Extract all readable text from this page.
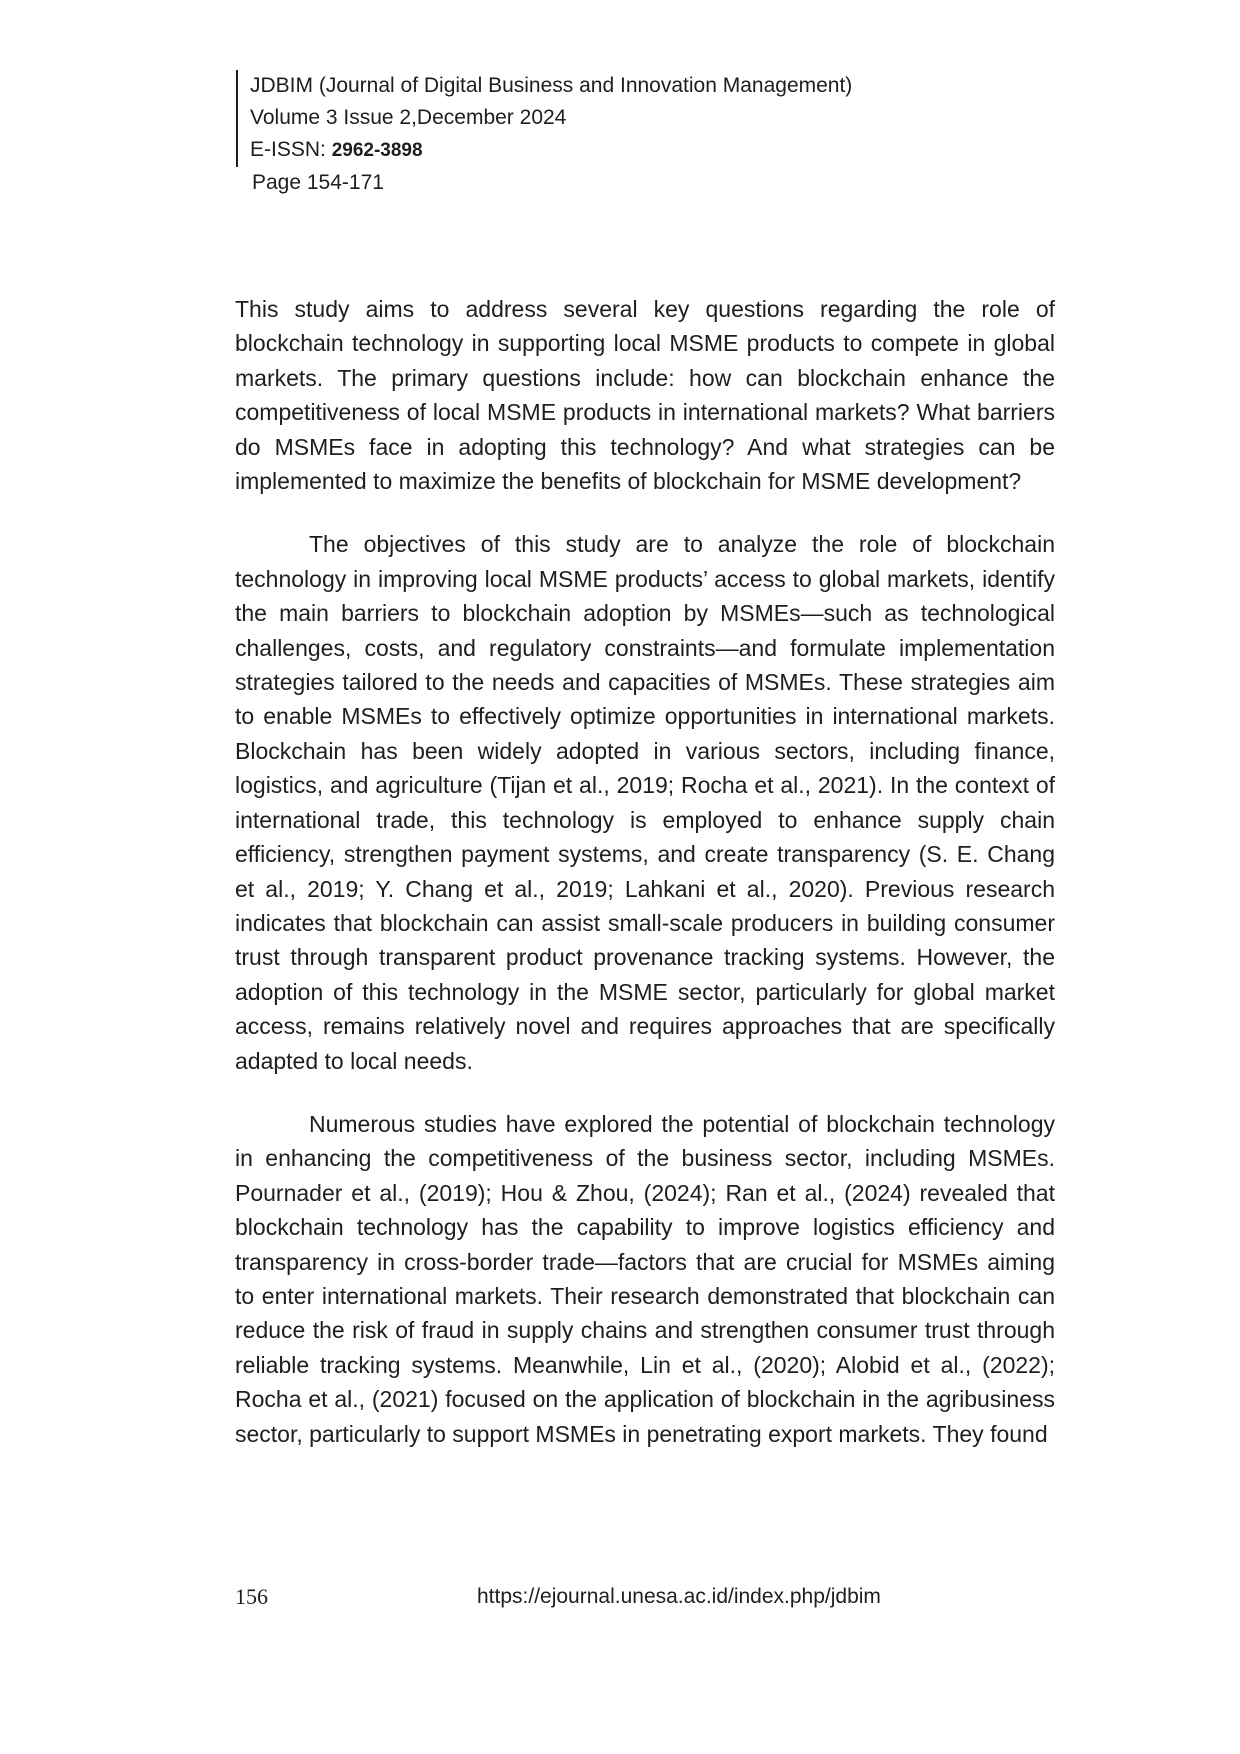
JDBIM (Journal of Digital Business and Innovation Management)
Volume 3 Issue 2,December 2024
E-ISSN: 2962-3898
Page 154-171

This study aims to address several key questions regarding the role of blockchain technology in supporting local MSME products to compete in global markets. The primary questions include: how can blockchain enhance the competitiveness of local MSME products in international markets? What barriers do MSMEs face in adopting this technology? And what strategies can be implemented to maximize the benefits of blockchain for MSME development?

The objectives of this study are to analyze the role of blockchain technology in improving local MSME products’ access to global markets, identify the main barriers to blockchain adoption by MSMEs—such as technological challenges, costs, and regulatory constraints—and formulate implementation strategies tailored to the needs and capacities of MSMEs. These strategies aim to enable MSMEs to effectively optimize opportunities in international markets. Blockchain has been widely adopted in various sectors, including finance, logistics, and agriculture (Tijan et al., 2019; Rocha et al., 2021). In the context of international trade, this technology is employed to enhance supply chain efficiency, strengthen payment systems, and create transparency (S. E. Chang et al., 2019; Y. Chang et al., 2019; Lahkani et al., 2020). Previous research indicates that blockchain can assist small-scale producers in building consumer trust through transparent product provenance tracking systems. However, the adoption of this technology in the MSME sector, particularly for global market access, remains relatively novel and requires approaches that are specifically adapted to local needs.

Numerous studies have explored the potential of blockchain technology in enhancing the competitiveness of the business sector, including MSMEs. Pournader et al., (2019); Hou & Zhou, (2024); Ran et al., (2024) revealed that blockchain technology has the capability to improve logistics efficiency and transparency in cross-border trade—factors that are crucial for MSMEs aiming to enter international markets. Their research demonstrated that blockchain can reduce the risk of fraud in supply chains and strengthen consumer trust through reliable tracking systems. Meanwhile, Lin et al., (2020); Alobid et al., (2022); Rocha et al., (2021) focused on the application of blockchain in the agribusiness sector, particularly to support MSMEs in penetrating export markets. They found

156	https://ejournal.unesa.ac.id/index.php/jdbim
